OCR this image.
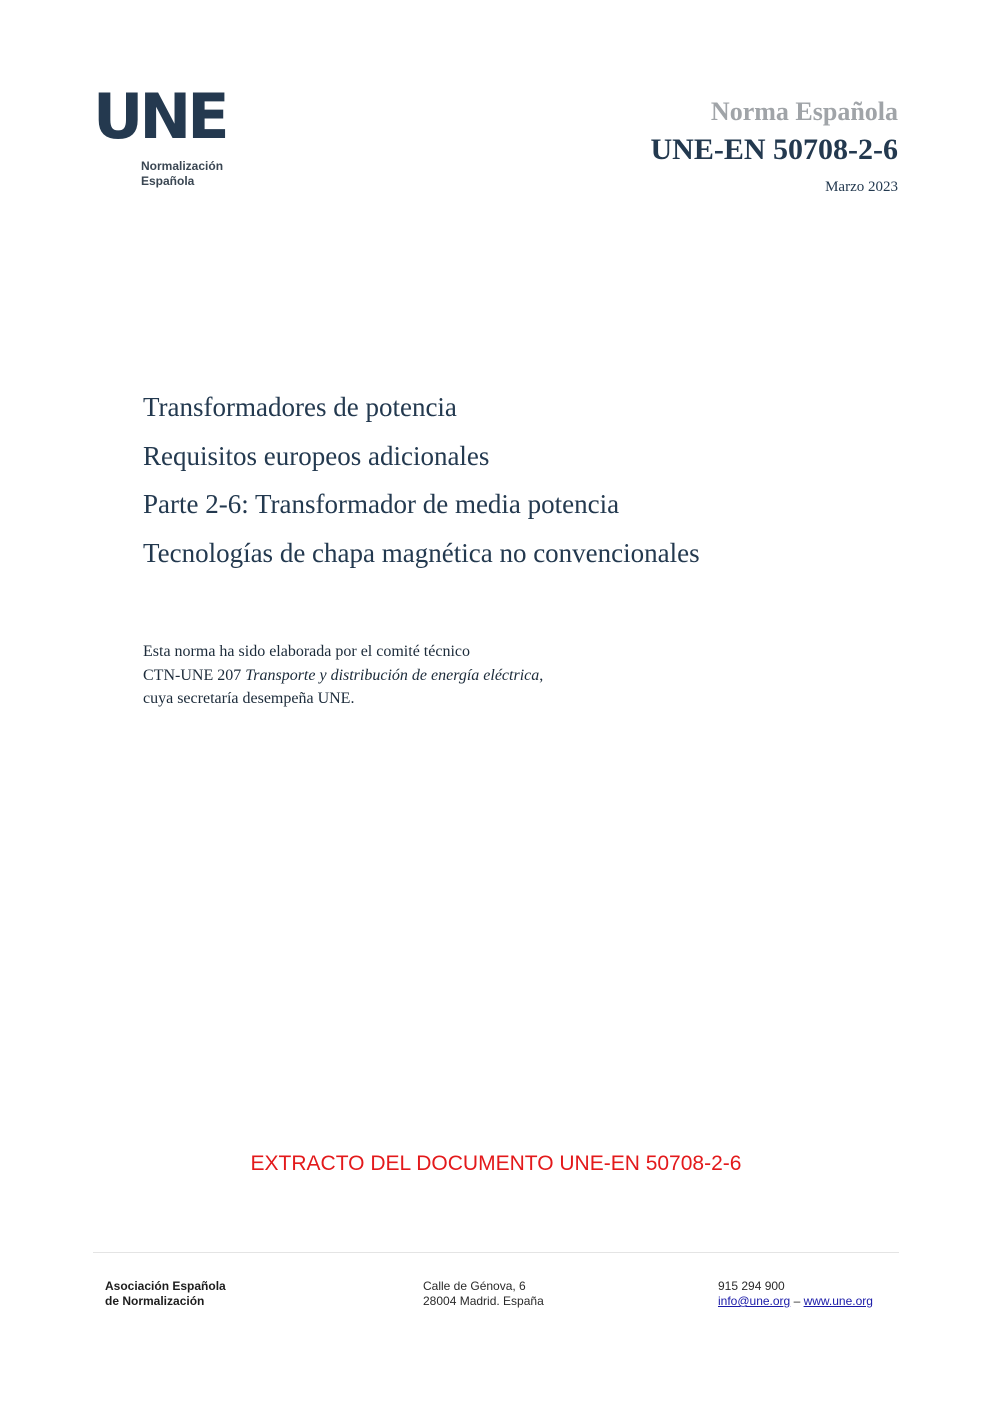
UNE
Normalización
Española
Norma Española
UNE-EN 50708-2-6
Marzo 2023
Transformadores de potencia
Requisitos europeos adicionales
Parte 2-6: Transformador de media potencia
Tecnologías de chapa magnética no convencionales
Esta norma ha sido elaborada por el comité técnico
CTN-UNE 207 Transporte y distribución de energía eléctrica,
cuya secretaría desempeña UNE.
EXTRACTO DEL DOCUMENTO UNE-EN 50708-2-6
Asociación Española
de Normalización
Calle de Génova, 6
28004 Madrid. España
915 294 900
info@une.org – www.une.org
